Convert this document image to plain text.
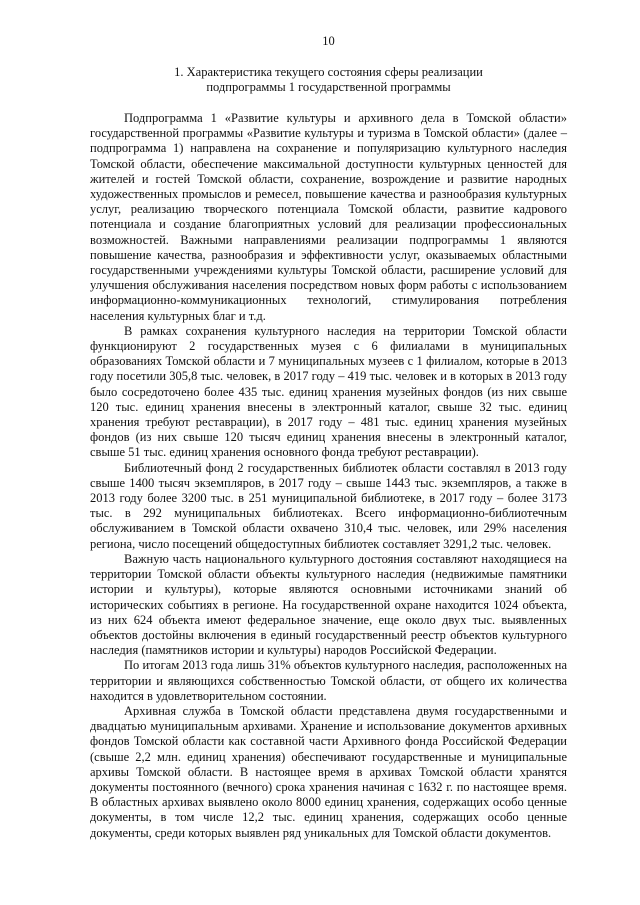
10
1. Характеристика текущего состояния сферы реализации
подпрограммы 1 государственной программы

Подпрограмма 1 «Развитие культуры и архивного дела в Томской области» государственной программы «Развитие культуры и туризма в Томской области» (далее – подпрограмма 1) направлена на сохранение и популяризацию культурного наследия Томской области, обеспечение максимальной доступности культурных ценностей для жителей и гостей Томской области, сохранение, возрождение и развитие народных художественных промыслов и ремесел, повышение качества и разнообразия культурных услуг, реализацию творческого потенциала Томской области, развитие кадрового потенциала и создание благоприятных условий для реализации профессиональных возможностей. Важными направлениями реализации подпрограммы 1 являются повышение качества, разнообразия и эффективности услуг, оказываемых областными государственными учреждениями культуры Томской области, расширение условий для улучшения обслуживания населения посредством новых форм работы с использованием информационно-коммуникационных технологий, стимулирования потребления населения культурных благ и т.д.

В рамках сохранения культурного наследия на территории Томской области функционируют 2 государственных музея с 6 филиалами в муниципальных образованиях Томской области и 7 муниципальных музеев с 1 филиалом, которые в 2013 году посетили 305,8 тыс. человек, в 2017 году – 419 тыс. человек и в которых в 2013 году было сосредоточено более 435 тыс. единиц хранения музейных фондов (из них свыше 120 тыс. единиц хранения внесены в электронный каталог, свыше 32 тыс. единиц хранения требуют реставрации), в 2017 году – 481 тыс. единиц хранения музейных фондов (из них свыше 120 тысяч единиц хранения внесены в электронный каталог, свыше 51 тыс. единиц хранения основного фонда требуют реставрации).

Библиотечный фонд 2 государственных библиотек области составлял в 2013 году свыше 1400 тысяч экземпляров, в 2017 году – свыше 1443 тыс. экземпляров, а также в 2013 году более 3200 тыс. в 251 муниципальной библиотеке, в 2017 году – более 3173 тыс. в 292 муниципальных библиотеках. Всего информационно-библиотечным обслуживанием в Томской области охвачено 310,4 тыс. человек, или 29% населения региона, число посещений общедоступных библиотек составляет 3291,2 тыс. человек.

Важную часть национального культурного достояния составляют находящиеся на территории Томской области объекты культурного наследия (недвижимые памятники истории и культуры), которые являются основными источниками знаний об исторических событиях в регионе. На государственной охране находится 1024 объекта, из них 624 объекта имеют федеральное значение, еще около двух тыс. выявленных объектов достойны включения в единый государственный реестр объектов культурного наследия (памятников истории и культуры) народов Российской Федерации.

По итогам 2013 года лишь 31% объектов культурного наследия, расположенных на территории и являющихся собственностью Томской области, от общего их количества находится в удовлетворительном состоянии.

Архивная служба в Томской области представлена двумя государственными и двадцатью муниципальным архивами. Хранение и использование документов архивных фондов Томской области как составной части Архивного фонда Российской Федерации (свыше 2,2 млн. единиц хранения) обеспечивают государственные и муниципальные архивы Томской области. В настоящее время в архивах Томской области хранятся документы постоянного (вечного) срока хранения начиная с 1632 г. по настоящее время. В областных архивах выявлено около 8000 единиц хранения, содержащих особо ценные документы, в том числе 12,2 тыс. единиц хранения, содержащих особо ценные документы, среди которых выявлен ряд уникальных для Томской области документов.
